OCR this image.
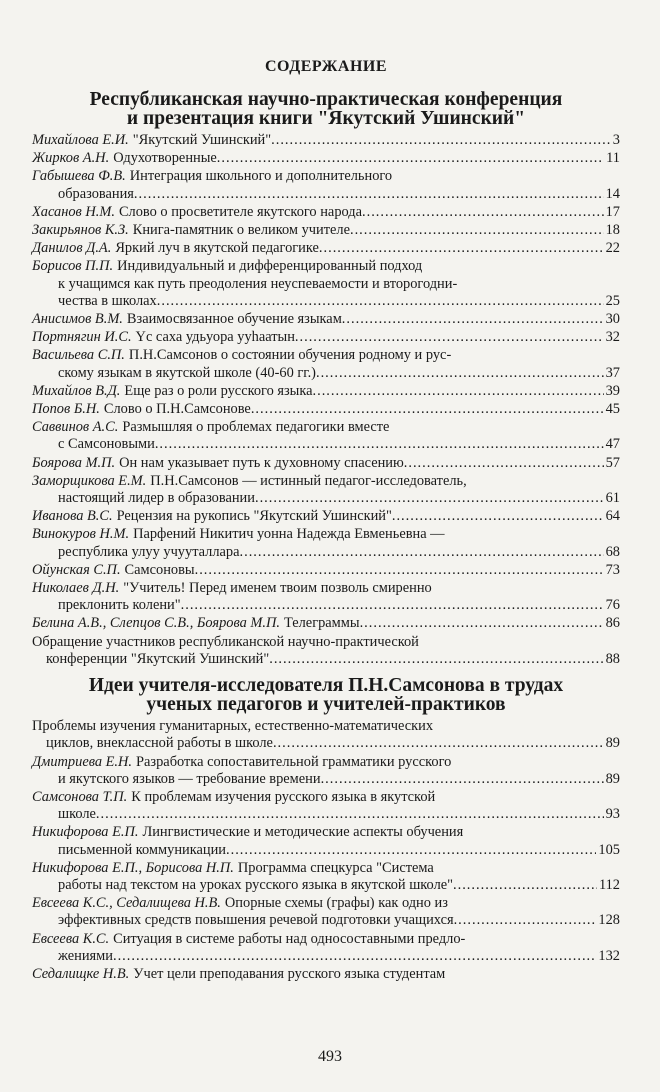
СОДЕРЖАНИЕ
Республиканская научно-практическая конференция
и презентация книги "Якутский Ушинский"
Михайлова Е.И. "Якутский Ушинский" .....	3
Жирков А.Н. Одухотворенные .....	11
Габышева Ф.В. Интеграция школьного и дополнительного
образования .....	14
Хасанов Н.М. Слово о просветителе якутского народа .....	17
Закирьянов К.З. Книга-памятник о великом учителе .....	18
Данилов Д.А. Яркий луч в якутской педагогике .....	22
Борисов П.П. Индивидуальный и дифференцированный подход
к учащимся как путь преодоления неуспеваемости и второгодни-
чества в школах .....	25
Анисимов В.М. Взаимосвязанное обучение языкам .....	30
Портнягин И.С. Үс саха удьуора ууһаатын .....	32
Васильева С.П. П.Н.Самсонов о состоянии обучения родному и рус-
скому языкам в якутской школе (40-60 гг.) .....	37
Михайлов В.Д. Еще раз о роли русского языка .....	39
Попов Б.Н. Слово о П.Н.Самсонове .....	45
Саввинов А.С. Размышляя о проблемах педагогики вместе
с Самсоновыми .....	47
Боярова М.П. Он нам указывает путь к духовному спасению .....	57
Заморщикова Е.М. П.Н.Самсонов — истинный педагог-исследователь,
настоящий лидер в образовании .....	61
Иванова В.С. Рецензия на рукопись "Якутский Ушинский" .....	64
Винокуров Н.М. Парфений Никитич уонна Надежда Евменьевна —
республика улуу учууталлара .....	68
Ойунская С.П. Самсоновы .....	73
Николаев Д.Н. "Учитель! Перед именем твоим позволь смиренно
преклонить колени" .....	76
Белина А.В., Слепцов С.В., Боярова М.П. Телеграммы .....	86
Обращение участников республиканской научно-практической
конференции "Якутский Ушинский" .....	88
Идеи учителя-исследователя П.Н.Самсонова в трудах
ученых педагогов и учителей-практиков
Проблемы изучения гуманитарных, естественно-математических
циклов, внеклассной работы в школе .....	89
Дмитриева Е.Н. Разработка сопоставительной грамматики русского
и якутского языков — требование времени .....	89
Самсонова Т.П. К проблемам изучения русского языка в якутской
школе .....	93
Никифорова Е.П. Лингвистические и методические аспекты обучения
письменной коммуникации .....	105
Никифорова Е.П., Борисова Н.П. Программа спецкурса "Система
работы над текстом на уроках русского языка в якутской школе" .....	112
Евсеева К.С., Седалищева Н.В. Опорные схемы (графы) как одно из
эффективных средств повышения речевой подготовки учащихся .....	128
Евсеева К.С. Ситуация в системе работы над односоставными предло-
жениями .....	132
Седалищке Н.В. Учет цели преподавания русского языка студентам
493
